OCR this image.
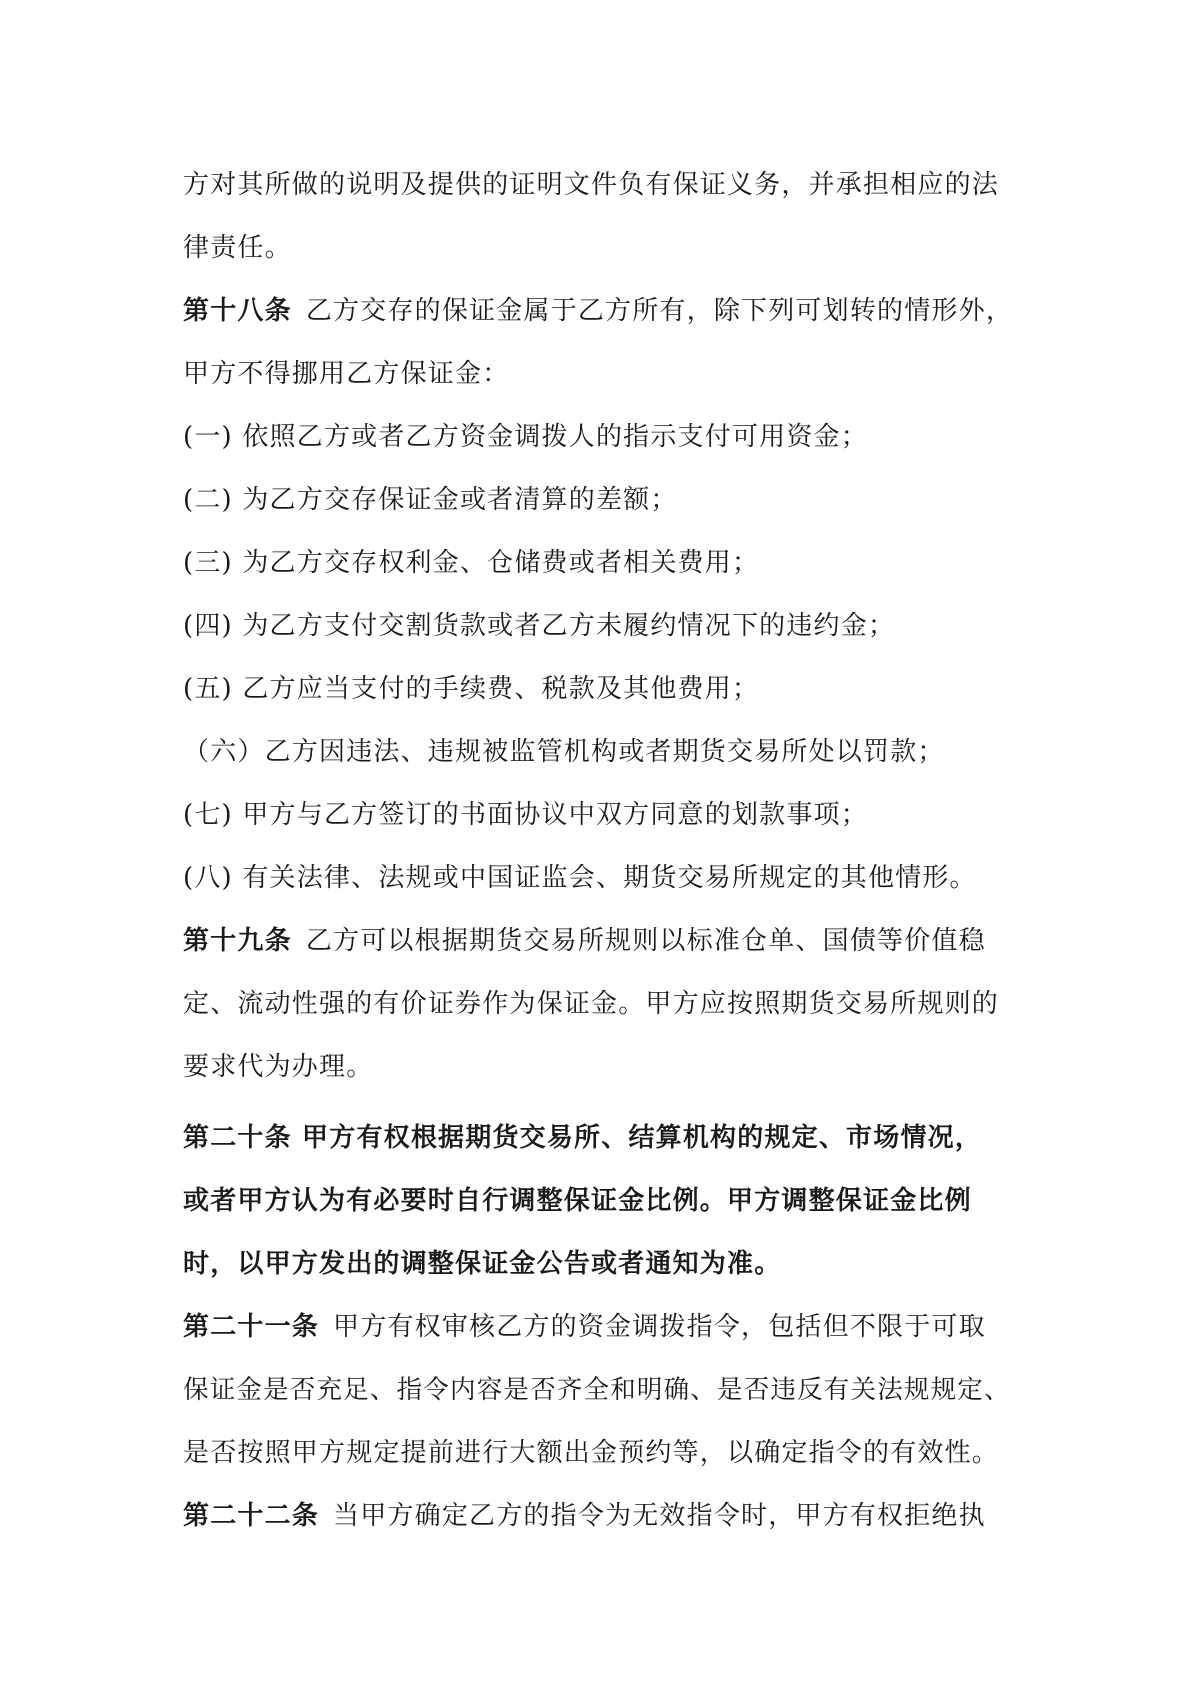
方对其所做的说明及提供的证明文件负有保证义务，并承担相应的法
律责任。
第十八条 乙方交存的保证金属于乙方所有，除下列可划转的情形外，
甲方不得挪用乙方保证金：
(一) 依照乙方或者乙方资金调拨人的指示支付可用资金；
(二) 为乙方交存保证金或者清算的差额；
(三) 为乙方交存权利金、仓储费或者相关费用；
(四) 为乙方支付交割货款或者乙方未履约情况下的违约金；
(五) 乙方应当支付的手续费、税款及其他费用；
（六）乙方因违法、违规被监管机构或者期货交易所处以罚款；
(七) 甲方与乙方签订的书面协议中双方同意的划款事项；
(八) 有关法律、法规或中国证监会、期货交易所规定的其他情形。
第十九条 乙方可以根据期货交易所规则以标准仓单、国债等价值稳
定、流动性强的有价证券作为保证金。甲方应按照期货交易所规则的
要求代为办理。
第二十条 甲方有权根据期货交易所、结算机构的规定、市场情况，
或者甲方认为有必要时自行调整保证金比例。甲方调整保证金比例
时，以甲方发出的调整保证金公告或者通知为准。
第二十一条 甲方有权审核乙方的资金调拨指令，包括但不限于可取
保证金是否充足、指令内容是否齐全和明确、是否违反有关法规规定、
是否按照甲方规定提前进行大额出金预约等，以确定指令的有效性。
第二十二条 当甲方确定乙方的指令为无效指令时，甲方有权拒绝执
